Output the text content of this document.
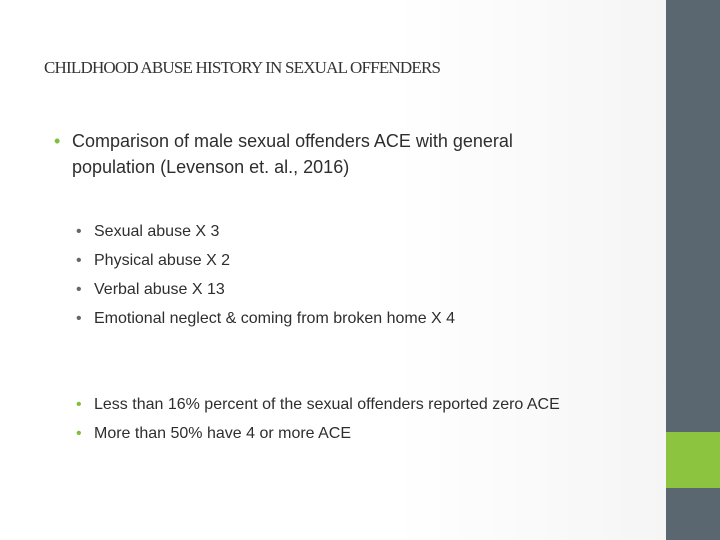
CHILDHOOD ABUSE HISTORY IN SEXUAL OFFENDERS
• Comparison of male sexual offenders ACE with general
population (Levenson et. al., 2016)
• Sexual abuse X 3
• Physical abuse X 2
• Verbal abuse X 13
• Emotional neglect & coming from broken home X 4
• Less than 16% percent of the sexual offenders reported zero ACE
• More than 50% have 4 or more ACE
